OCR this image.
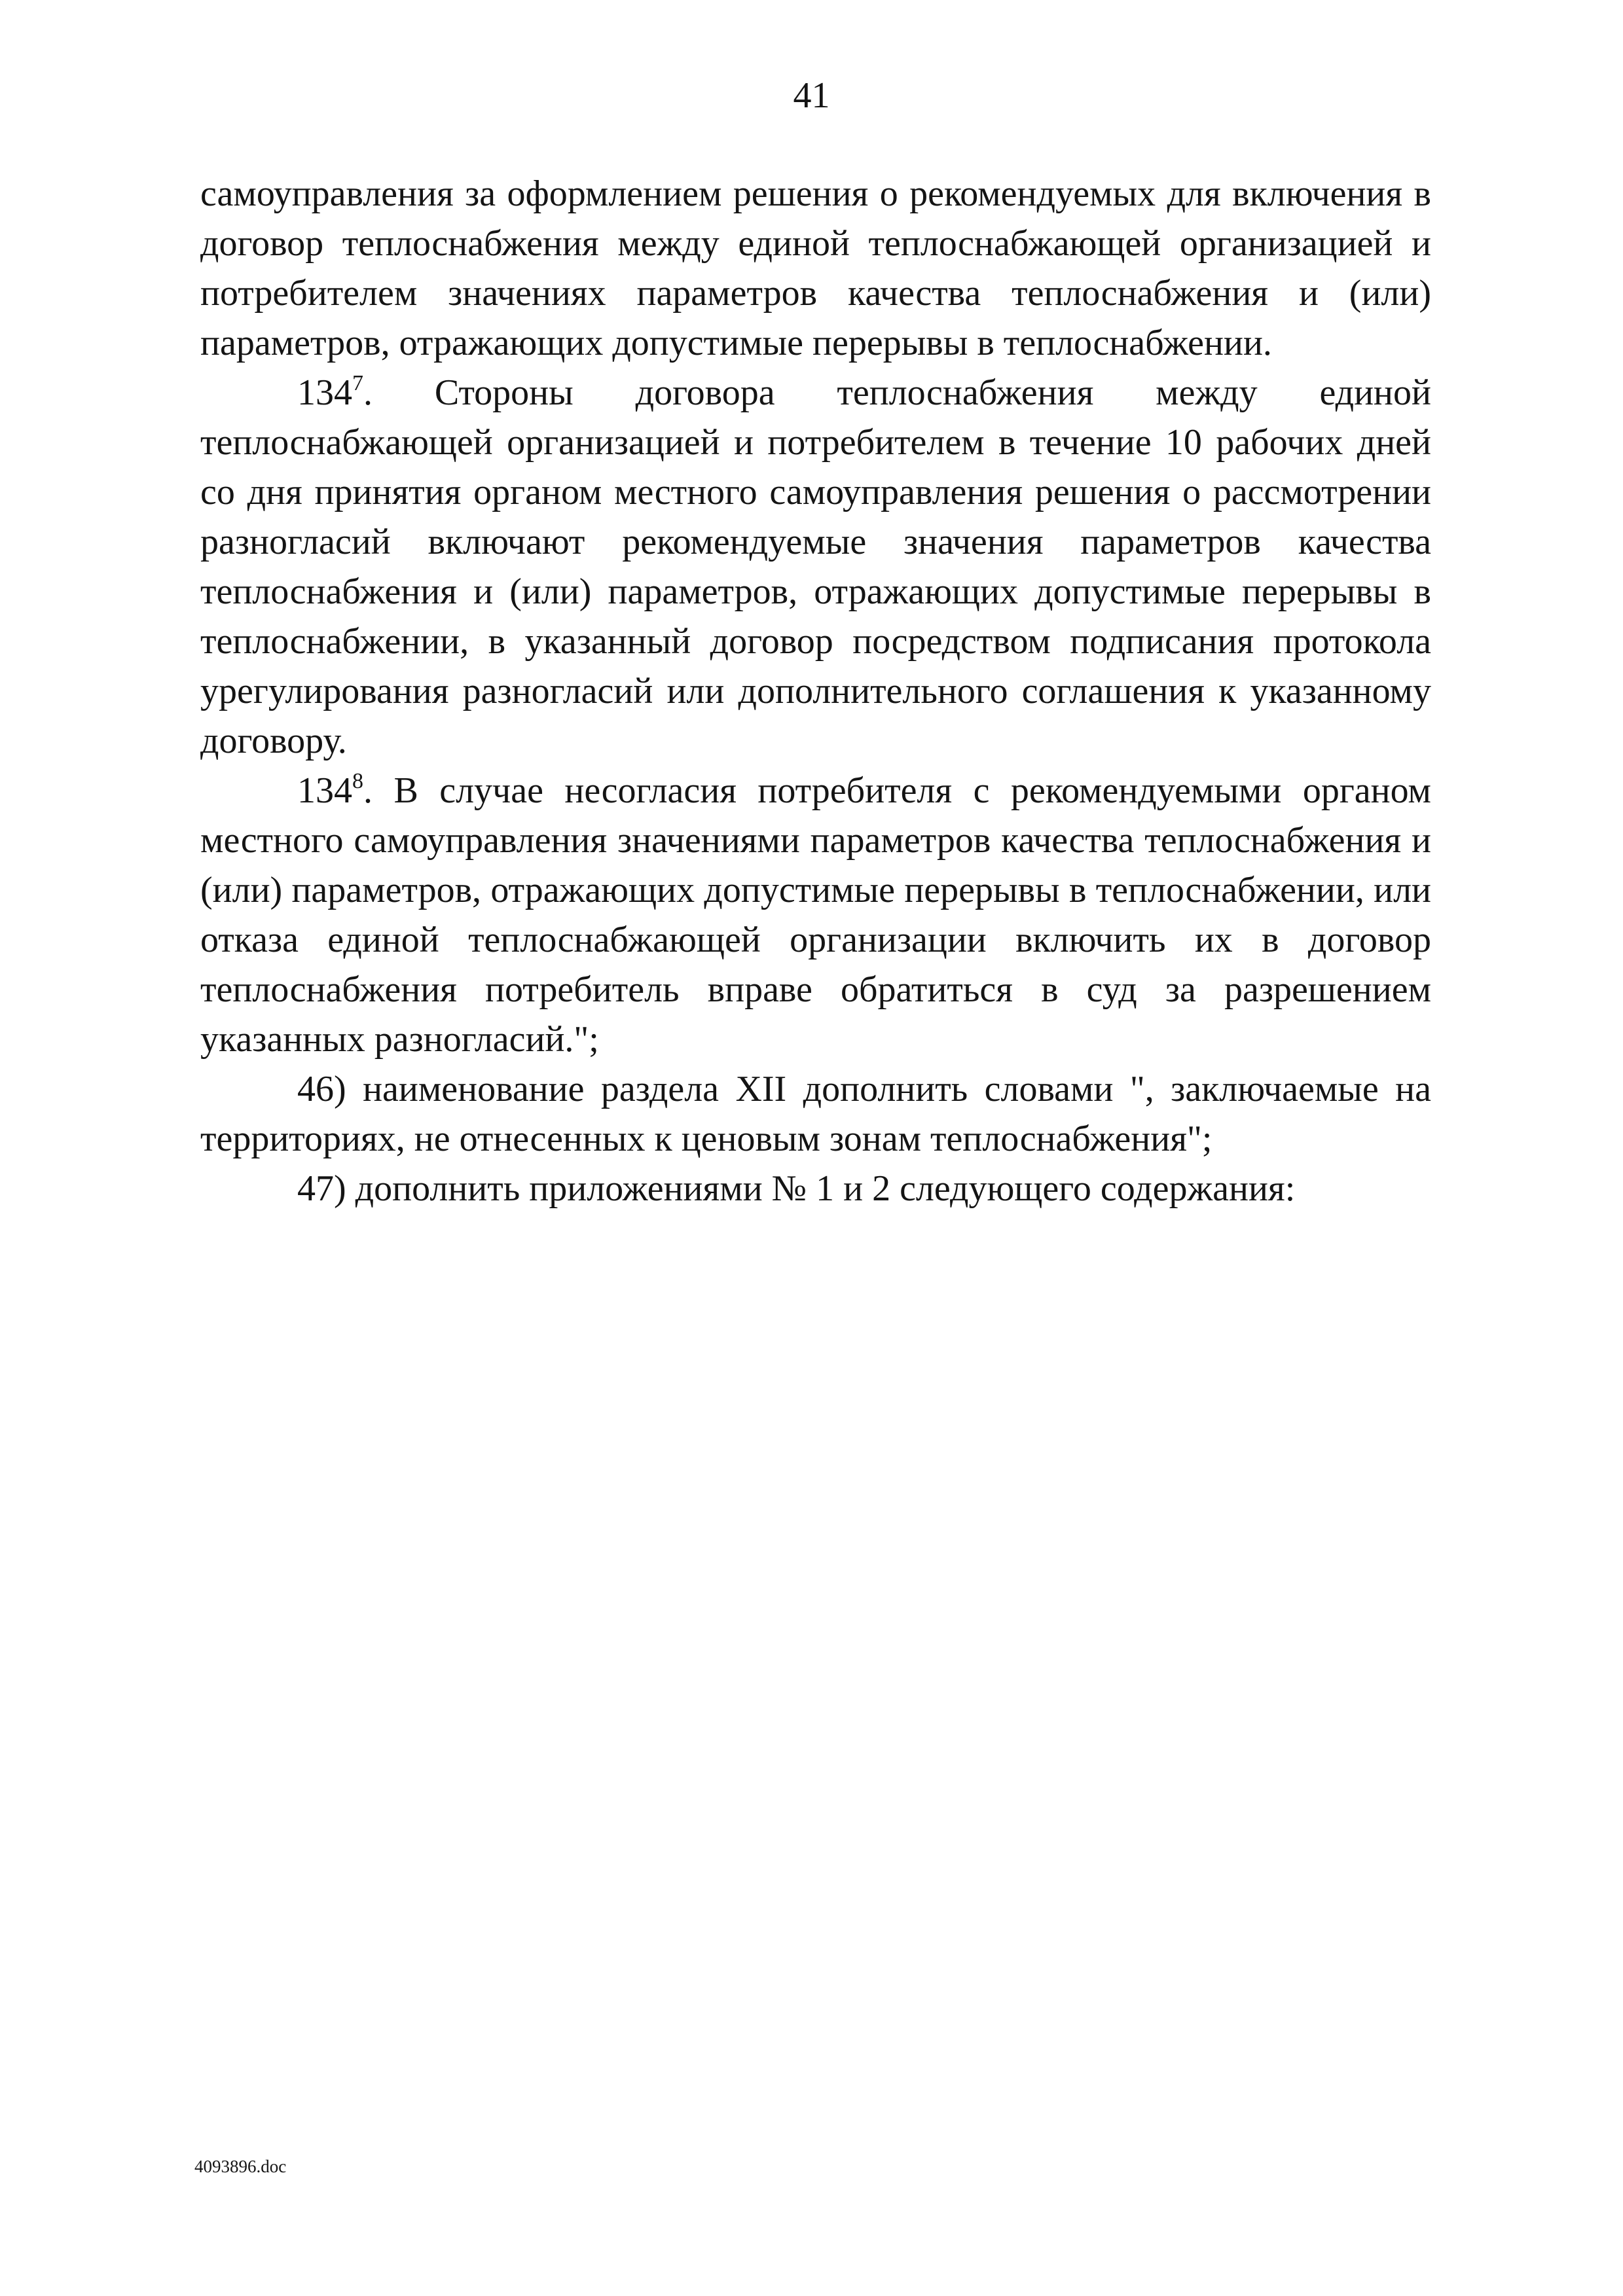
41

самоуправления за оформлением решения о рекомендуемых для включения в договор теплоснабжения между единой теплоснабжающей организацией и потребителем значениях параметров качества теплоснабжения и (или) параметров, отражающих допустимые перерывы в теплоснабжении.

$134^7$. Стороны договора теплоснабжения между единой теплоснабжающей организацией и потребителем в течение 10 рабочих дней со дня принятия органом местного самоуправления решения о рассмотрении разногласий включают рекомендуемые значения параметров качества теплоснабжения и (или) параметров, отражающих допустимые перерывы в теплоснабжении, в указанный договор посредством подписания протокола урегулирования разногласий или дополнительного соглашения к указанному договору.

$134^8$. В случае несогласия потребителя с рекомендуемыми органом местного самоуправления значениями параметров качества теплоснабжения и (или) параметров, отражающих допустимые перерывы в теплоснабжении, или отказа единой теплоснабжающей организации включить их в договор теплоснабжения потребитель вправе обратиться в суд за разрешением указанных разногласий.";

46) наименование раздела XII дополнить словами ", заключаемые на территориях, не отнесенных к ценовым зонам теплоснабжения";

47) дополнить приложениями № 1 и 2 следующего содержания:

4093896.doc
